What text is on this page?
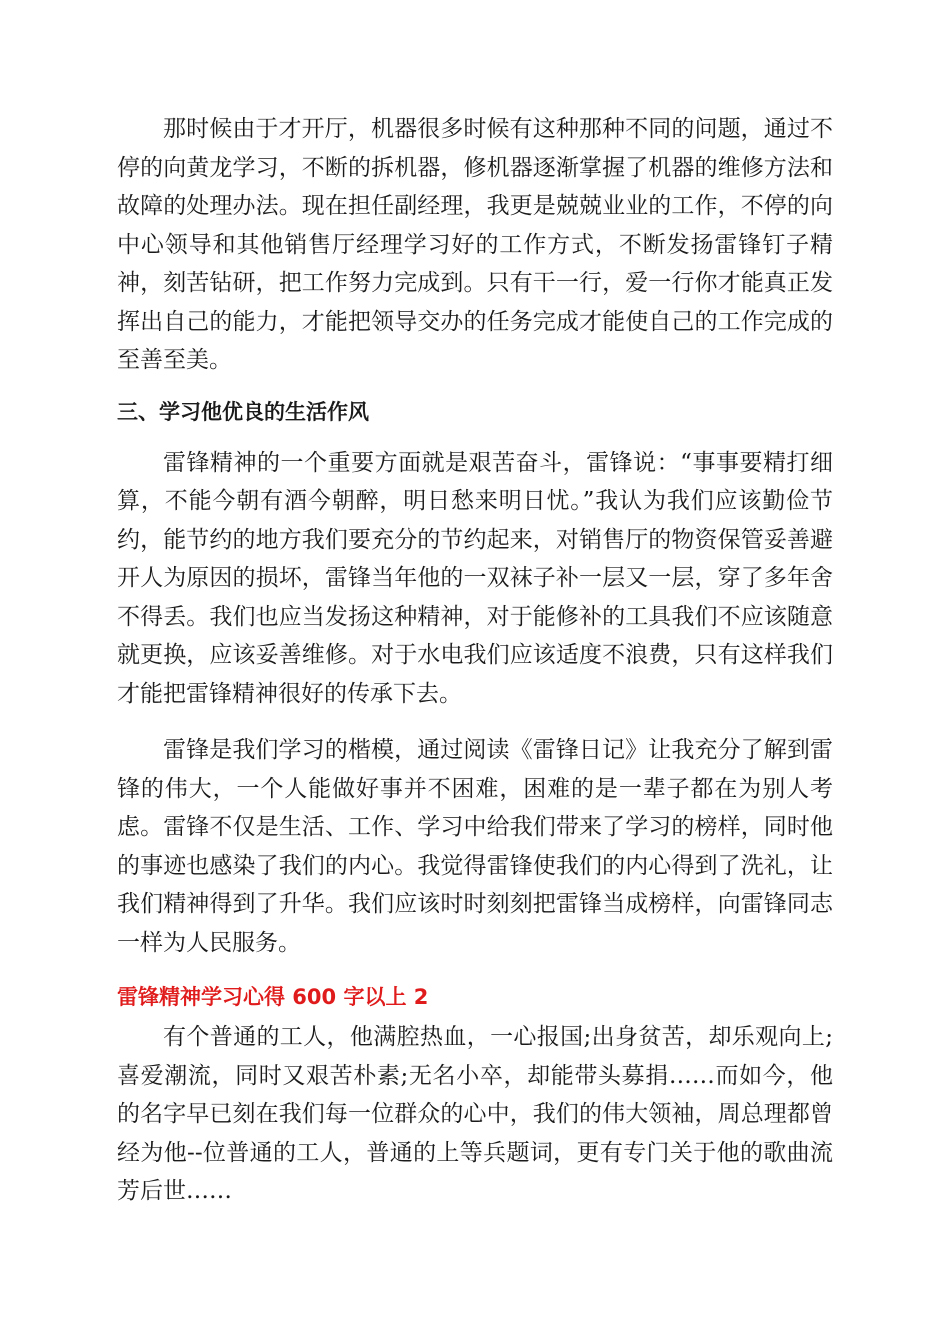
那时候由于才开厅，机器很多时候有这种那种不同的问题，通过不停的向黄龙学习，不断的拆机器，修机器逐渐掌握了机器的维修方法和故障的处理办法。现在担任副经理，我更是兢兢业业的工作，不停的向中心领导和其他销售厅经理学习好的工作方式，不断发扬雷锋钉子精神，刻苦钻研，把工作努力完成到。只有干一行，爱一行你才能真正发挥出自己的能力，才能把领导交办的任务完成才能使自己的工作完成的至善至美。

三、学习他优良的生活作风

雷锋精神的一个重要方面就是艰苦奋斗，雷锋说：“事事要精打细算，不能今朝有酒今朝醉，明日愁来明日忧。”我认为我们应该勤俭节约，能节约的地方我们要充分的节约起来，对销售厅的物资保管妥善避开人为原因的损坏，雷锋当年他的一双袜子补一层又一层，穿了多年舍不得丢。我们也应当发扬这种精神，对于能修补的工具我们不应该随意就更换，应该妥善维修。对于水电我们应该适度不浪费，只有这样我们才能把雷锋精神很好的传承下去。

雷锋是我们学习的楷模，通过阅读《雷锋日记》让我充分了解到雷锋的伟大，一个人能做好事并不困难，困难的是一辈子都在为别人考虑。雷锋不仅是生活、工作、学习中给我们带来了学习的榜样，同时他的事迹也感染了我们的内心。我觉得雷锋使我们的内心得到了洗礼，让我们精神得到了升华。我们应该时时刻刻把雷锋当成榜样，向雷锋同志一样为人民服务。

雷锋精神学习心得 600 字以上 2

有个普通的工人，他满腔热血，一心报国;出身贫苦，却乐观向上;喜爱潮流，同时又艰苦朴素;无名小卒，却能带头募捐……而如今，他的名字早已刻在我们每一位群众的心中，我们的伟大领袖，周总理都曾经为他--位普通的工人，普通的上等兵题词，更有专门关于他的歌曲流芳后世……
